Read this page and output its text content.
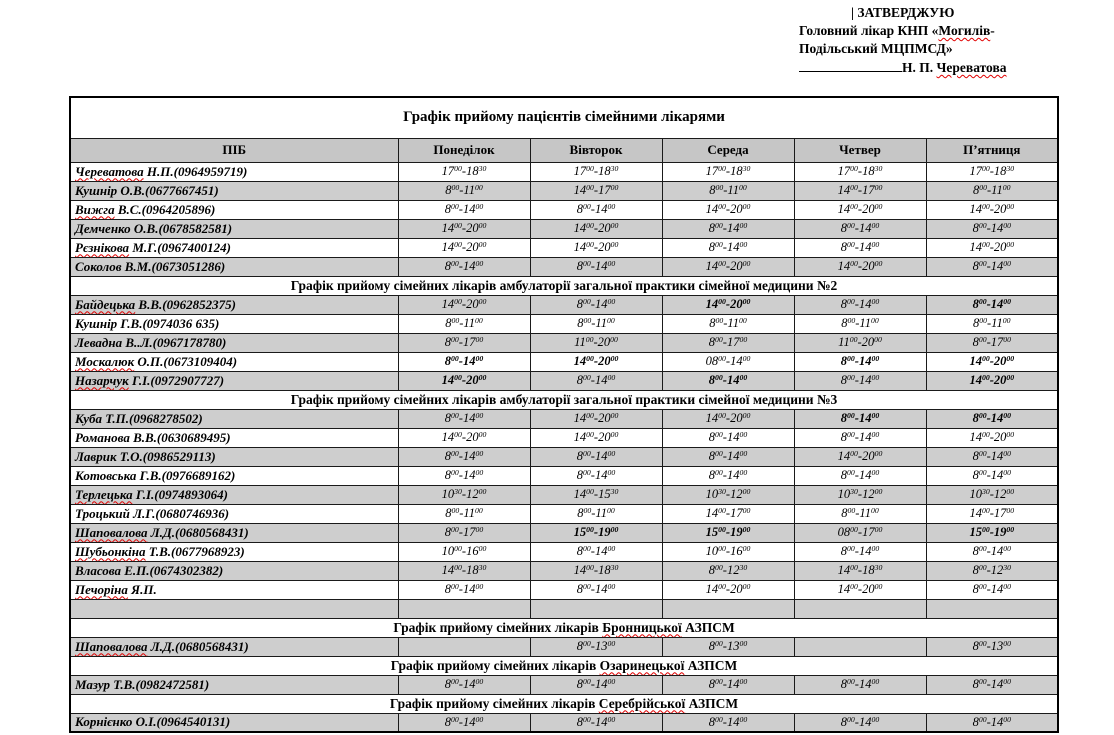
| ЗАТВЕРДЖУЮ
Головний лікар КНП «Могилів-
Подільський МЦПМСД»
Н. П. Череватова
Графік прийому пацієнтів сімейними лікарями					
ПІБ	Понеділок	Вівторок	Середа	Четвер	П’ятниця
Череватова Н.П.(0964959719)	$17^{00}-18^{30}$	$17^{00}-18^{30}$	$17^{00}-18^{30}$	$17^{00}-18^{30}$	$17^{00}-18^{30}$
Кушнір О.В.(0677667451)	$8^{00}-11^{00}$	$14^{00}-17^{00}$	$8^{00}-11^{00}$	$14^{00}-17^{00}$	$8^{00}-11^{00}$
Вижга В.С.(0964205896)	$8^{00}-14^{00}$	$8^{00}-14^{00}$	$14^{00}-20^{00}$	$14^{00}-20^{00}$	$14^{00}-20^{00}$
Демченко О.В.(0678582581)	$14^{00}-20^{00}$	$14^{00}-20^{00}$	$8^{00}-14^{00}$	$8^{00}-14^{00}$	$8^{00}-14^{00}$
Рєзнікова М.Г.(0967400124)	$14^{00}-20^{00}$	$14^{00}-20^{00}$	$8^{00}-14^{00}$	$8^{00}-14^{00}$	$14^{00}-20^{00}$
Соколов В.М.(0673051286)	$8^{00}-14^{00}$	$8^{00}-14^{00}$	$14^{00}-20^{00}$	$14^{00}-20^{00}$	$8^{00}-14^{00}$
Графік прийому сімейних лікарів амбулаторії загальної практики сімейної медицини №2					
Байдецька В.В.(0962852375)	$14^{00}-20^{00}$	$8^{00}-14^{00}$	$14^{00}-20^{00}$	$8^{00}-14^{00}$	$8^{00}-14^{00}$
Кушнір Г.В.(0974036 635)	$8^{00}-11^{00}$	$8^{00}-11^{00}$	$8^{00}-11^{00}$	$8^{00}-11^{00}$	$8^{00}-11^{00}$
Левадна В..Л.(0967178780)	$8^{00}-17^{00}$	$11^{00}-20^{00}$	$8^{00}-17^{00}$	$11^{00}-20^{00}$	$8^{00}-17^{00}$
Москалюк О.П.(0673109404)	$8^{00}-14^{00}$	$14^{00}-20^{00}$	$08^{00}-14^{00}$	$8^{00}-14^{00}$	$14^{00}-20^{00}$
Назарчук Г.І.(0972907727)	$14^{00}-20^{00}$	$8^{00}-14^{00}$	$8^{00}-14^{00}$	$8^{00}-14^{00}$	$14^{00}-20^{00}$
Графік прийому сімейних лікарів амбулаторії загальної практики сімейної медицини №3					
Куба Т.П.(0968278502)	$8^{00}-14^{00}$	$14^{00}-20^{00}$	$14^{00}-20^{00}$	$8^{00}-14^{00}$	$8^{00}-14^{00}$
Романова В.В.(0630689495)	$14^{00}-20^{00}$	$14^{00}-20^{00}$	$8^{00}-14^{00}$	$8^{00}-14^{00}$	$14^{00}-20^{00}$
Лаврик Т.О.(0986529113)	$8^{00}-14^{00}$	$8^{00}-14^{00}$	$8^{00}-14^{00}$	$14^{00}-20^{00}$	$8^{00}-14^{00}$
Котовська Г.В.(0976689162)	$8^{00}-14^{00}$	$8^{00}-14^{00}$	$8^{00}-14^{00}$	$8^{00}-14^{00}$	$8^{00}-14^{00}$
Терлецька Г.І.(0974893064)	$10^{30}-12^{00}$	$14^{00}-15^{30}$	$10^{30}-12^{00}$	$10^{30}-12^{00}$	$10^{30}-12^{00}$
Троцький Л.Г.(0680746936)	$8^{00}-11^{00}$	$8^{00}-11^{00}$	$14^{00}-17^{00}$	$8^{00}-11^{00}$	$14^{00}-17^{00}$
Шаповалова Л.Д.(0680568431)	$8^{00}-17^{00}$	$15^{00}-19^{00}$	$15^{00}-19^{00}$	$08^{00}-17^{00}$	$15^{00}-19^{00}$
Шубьонкіна Т.В.(0677968923)	$10^{00}-16^{00}$	$8^{00}-14^{00}$	$10^{00}-16^{00}$	$8^{00}-14^{00}$	$8^{00}-14^{00}$
Власова Е.П.(0674302382)	$14^{00}-18^{30}$	$14^{00}-18^{30}$	$8^{00}-12^{30}$	$14^{00}-18^{30}$	$8^{00}-12^{30}$
Печоріна Я.П.	$8^{00}-14^{00}$	$8^{00}-14^{00}$	$14^{00}-20^{00}$	$14^{00}-20^{00}$	$8^{00}-14^{00}$

Графік прийому сімейних лікарів Бронницької АЗПСМ					
Шаповалова Л.Д.(0680568431)		$8^{00}-13^{00}$	$8^{00}-13^{00}$		$8^{00}-13^{00}$
Графік прийому сімейних лікарів Озаринецької АЗПСМ					
Мазур Т.В.(0982472581)	$8^{00}-14^{00}$	$8^{00}-14^{00}$	$8^{00}-14^{00}$	$8^{00}-14^{00}$	$8^{00}-14^{00}$
Графік прийому сімейних лікарів Серебрійської АЗПСМ					
Корнієнко О.І.(0964540131)	$8^{00}-14^{00}$	$8^{00}-14^{00}$	$8^{00}-14^{00}$	$8^{00}-14^{00}$	$8^{00}-14^{00}$
